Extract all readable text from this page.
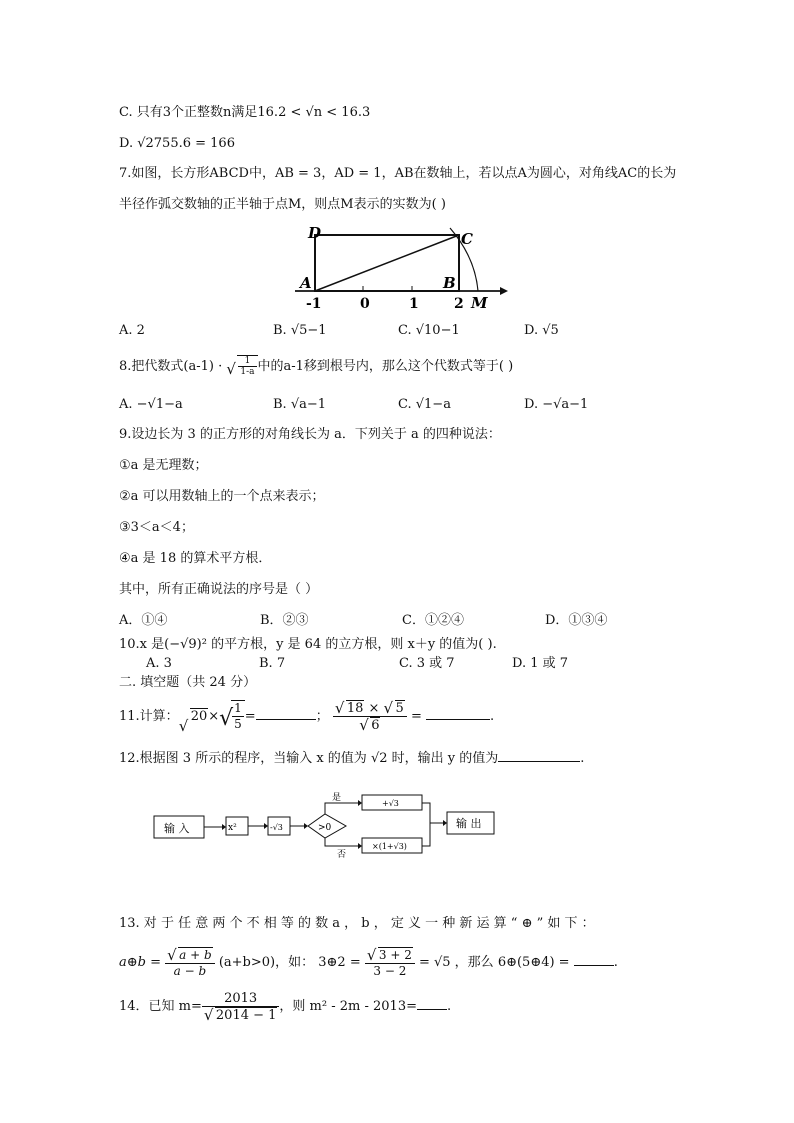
C. 只有3个正整数n满足16.2 < √n < 16.3
D. √2755.6 = 166
7.如图，长方形ABCD中，AB = 3，AD = 1，AB在数轴上，若以点A为圆心，对角线AC的长为
半径作弧交数轴的正半轴于点M，则点M表示的实数为( )
D	C
A	B
M
-1	0	1	2
A. 2	B. √5−1	C. √10−1	D. √5
8.把代数式(a-1) · √ $\frac{1}{1-a}$ 中的a-1移到根号内，那么这个代数式等于( )
A. −√1−a	B. √a−1	C. √1−a	D. −√a−1
9.设边长为 3 的正方形的对角线长为 a．下列关于 a 的四种说法：
①a 是无理数；
②a 可以用数轴上的一个点来表示；
③3＜a＜4；
④a 是 18 的算术平方根．
其中，所有正确说法的序号是（ ）
A．①④	B．②③	C．①②④	D．①③④
10.x 是(−√9)² 的平方根，y 是 64 的立方根，则 x＋y 的值为( ).
A. 3	B. 7	C. 3 或 7	D. 1 或 7
二. 填空题（共 24 分）
11.计算：
√
20× √
$\frac{1}{5}$ =	； $\frac{√ 18 \times √ 5}{√ 6}$ =	.
12.根据图 3 所示的程序，当输入 x 的值为 √2 时，输出 y 的值为	.
输 入	x²	-√3	>0
是
否
+√3
×(1+√3)
输 出
13. 对 于 任 意 两 个 不 相 等 的 数 a ， b ， 定 义 一 种 新 运 算 “ ⊕ ” 如 下 ：
a⊕b = $\frac{√ a + b}{a - b} (a+b>0)$，如： 3⊕2 = $\frac{√ 3 + 2}{3 - 2} = √5$ ，那么 6⊕(5⊕4) =	.
14．已知 $m= \frac{2013}{√ 2014 - 1}$ ，则 m² - 2m - 2013= .
